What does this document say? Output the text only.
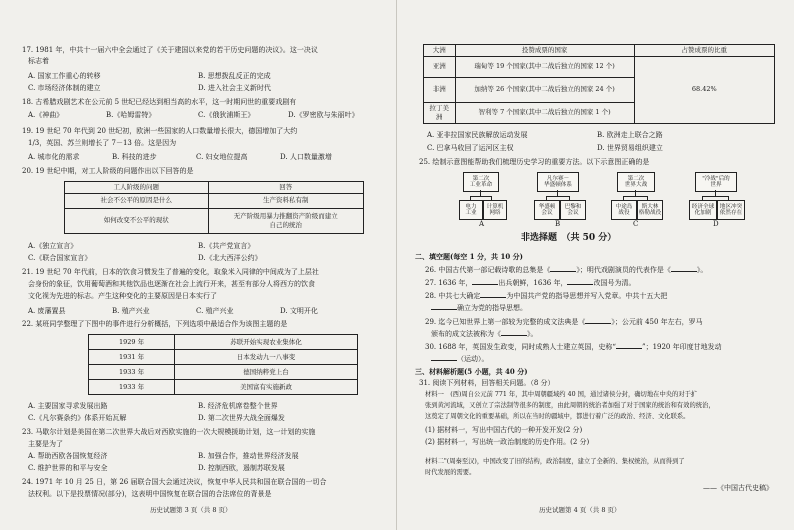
17. 1981 年，中共十一届六中全会通过了《关于建国以来党的若干历史问题的决议》。这一决议
标志着
A. 国家工作重心的转移	B. 思想拨乱反正的完成
C. 市场经济体制的建立	D. 进入社会主义新时代
18. 古希腊戏剧艺术在公元前 5 世纪已经达到相当高的水平，这一时期问世的重要戏剧有
A.《神曲》	B.《哈姆雷特》	C.《俄狄浦斯王》	D.《罗密欧与朱丽叶》
19. 19 世纪 70 年代到 20 世纪初，欧洲一些国家的人口数量增长很大，德国增加了大约
1/3，英国、苏兰则增长了 7－13 倍。这是因为
A. 城市化的需求	B. 科技的进步	C. 妇女地位提高	D. 人口数量激增
20. 19 世纪中期，对工人阶级的问题作出以下回答的是
工人阶级的问题	回答
社会不公平的原因是什么	生产资料私有制
如何改变不公平的现状	无产阶级用暴力推翻资产阶级而建立
自己的统治
A.《独立宣言》	B.《共产党宣言》
C.《联合国家宣言》	D.《北大西洋公约》
21. 19 世纪 70 年代前，日本的饮食习惯发生了普遍的变化，取象米入同律的中间成为了上层社
会身份的象征，饮用葡萄酒和其他饮品也逐渐在社会上流行开来，甚至有部分人将西方的饮食
文化视为先进的标志。产生这种变化的主要原因是日本实行了
A. 废藩置县	B. 殖产兴业	C. 殖产兴业	D. 文明开化
22. 某班同学整理了下图中的事件进行分析概括，下列选项中最适合作为该图主题的是
1929 年	苏联开始实现农业集体化
1931 年	日本发动九一八事变
1933 年	德国纳粹党上台
1933 年	美国富有实施新政
A. 主要国家寻求发展出路	B. 经济危机席卷整个世界
C.《凡尔赛条约》体系开始瓦解	D. 第二次世界大战全面爆发
23. 马歇尔计划是美国在第二次世界大战后对西欧实施的一次大规模援助计划，这一计划的实施
主要是为了
A. 帮助西欧各国恢复经济	B. 加强合作，推动世界经济发展
C. 维护世界的和平与安全	D. 控制西欧，遏制苏联发展
24. 1971 年 10 月 25 日，第 26 届联合国大会通过决议，恢复中华人民共和国在联合国的一切合
法权利。以下是投票情况(部分)，这表明中国恢复在联合国的合法席位的背景是
历史试题第 3 页（共 8 页）
大洲	投赞成票的国家	占赞成票的比重
亚洲	瑞甸等 19 个国家(其中二战后独立的国家 12 个)	68.42%
非洲	加纳等 26 个国家(其中二战后独立的国家 24 个)	
拉丁美洲	智利等 7 个国家(其中二战后独立的国家 1 个)	
A. 亚非拉国家民族解放运动发展	B. 欧洲走上联合之路
C. 巴拿马收回了运河区主权	D. 世界贸易组织建立
25. 绘制示意图能帮助我们梳理历史学习的重要方法。以下示意图正确的是
第二次
工业革命
电力
工业
计算机
网络
A
凡尔赛－
华盛顿体系
华盛顿
会议
巴黎和
会议
B
第二次
世界大战
中途岛
战役
斯大林
格勒战役
C
"冷战"后的
世界
经济全球
化加剧
地区冲突
依然存在
D
非选择题　（共 50 分）
二、填空题(每空 1 分，共 10 分)
26. 中国古代第一部记载诗歌的总集是《	》；明代戏剧演员的代表作是《	》。
27. 1636 年，	出兵朝鲜，1636 年，	改国号为清。
28. 中共七大确定	为中国共产党的指导思想并写入党章。中共十五大把
确立为党的指导思想。
29. 迄今已知世界上第一部较为完整的成文法典是《	》；公元前 450 年左右，罗马
颁布的成文法被称为《	》。
30. 1688 年，英国发生政变，同时成熟人士建立英国，史称“	”；1920 年印度甘地发动
（运动）。
三、材料解析题(5 小题，共 40 分)
31. 阅读下列材料，回答相关问题。（8 分）
材料一　(西)周自公元前 771 年，其中周朝疆域约 40 国，通过诸侯分封，确切地在中央的对于扩
张到黄河流域，又创立了宗法制等很多的制度，由此周朝的统治者加强了对于国家的统治和有效的统治，
这奠定了周朝文化的重要基础，所以在当时的疆域中，都进行着广泛的政治、经济、文化联系。
(1) 据材料一，写出中国古代的一种开发开发(2 分)
(2) 据材料一，写出统一政治制度的历史作用。(2 分)
材料二"(周秦至汉)，中国改变了旧的结构，政治制度，建立了全新的、集权统治，从而得到了
时代发展的需要。
——《中国古代史稿》
历史试题第 4 页（共 8 页）
